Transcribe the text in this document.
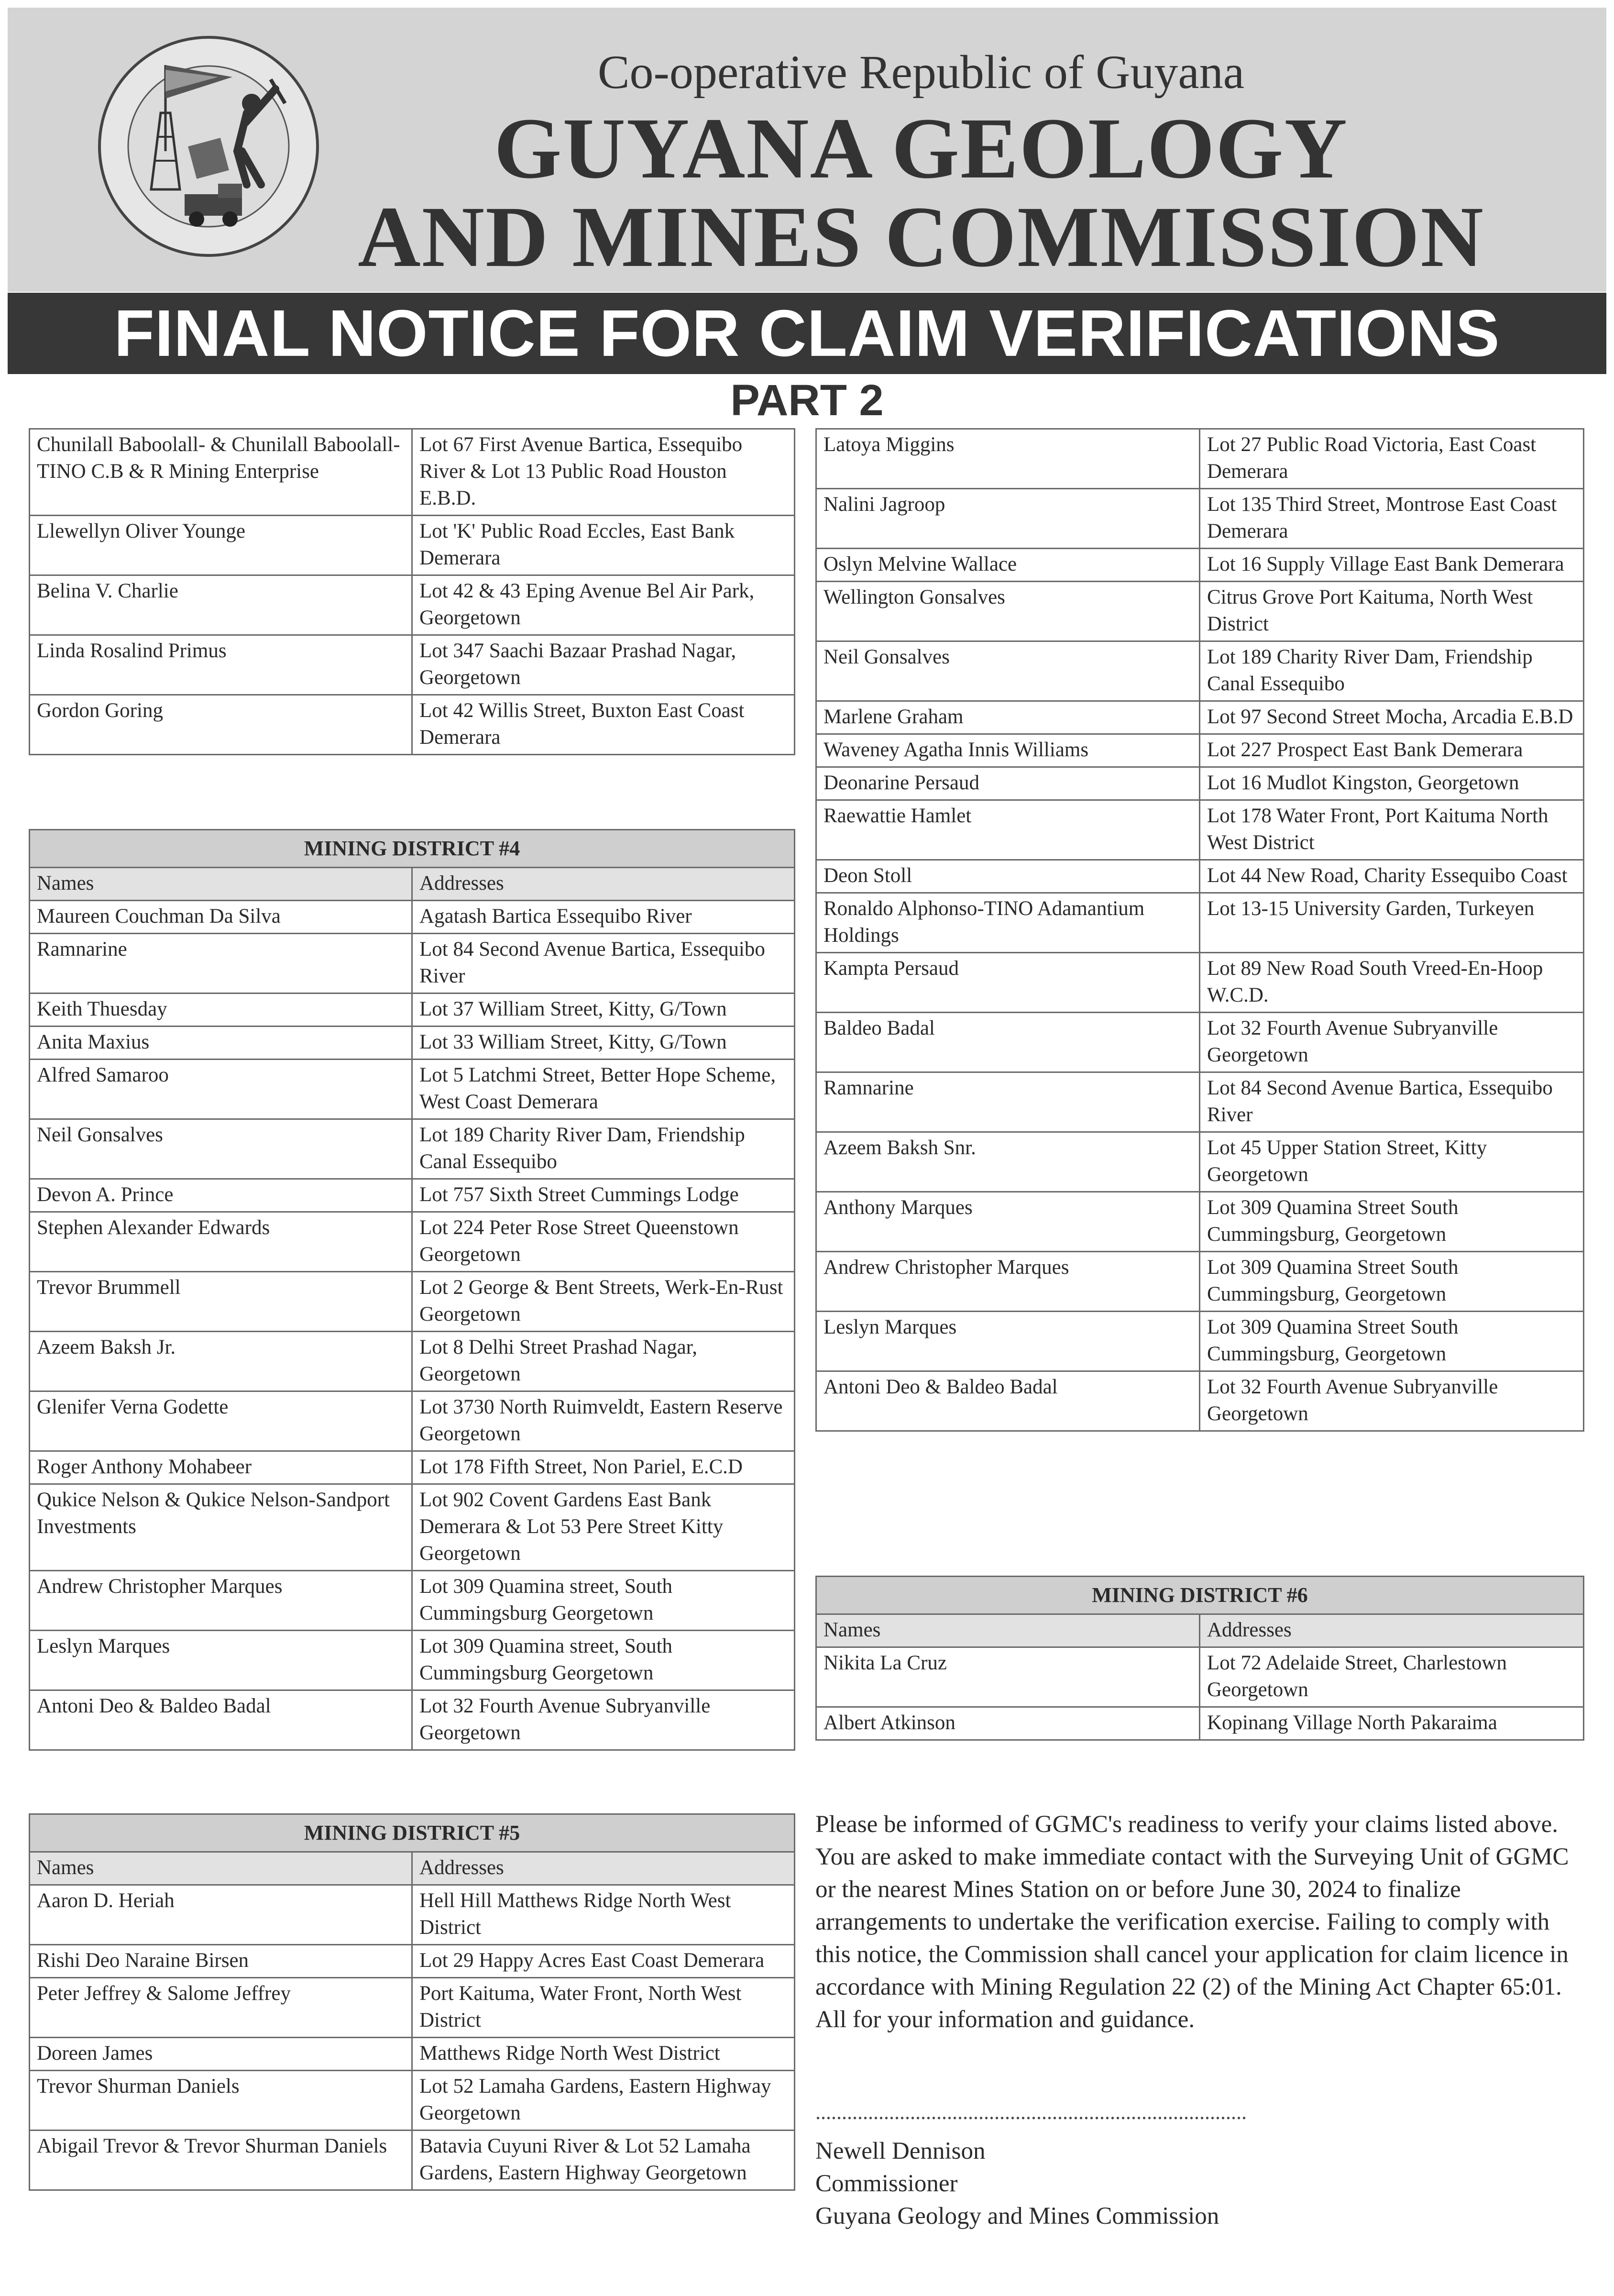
Co-operative Republic of Guyana
GUYANA GEOLOGY
AND MINES COMMISSION
FINAL NOTICE FOR CLAIM VERIFICATIONS
PART 2
Chunilall Baboolall- & Chunilall Baboolall-TINO C.B & R Mining Enterprise	Lot 67 First Avenue Bartica, Essequibo River & Lot 13 Public Road Houston E.B.D.
Llewellyn Oliver Younge	Lot 'K' Public Road Eccles, East Bank Demerara
Belina V. Charlie	Lot 42 & 43 Eping Avenue Bel Air Park, Georgetown
Linda Rosalind Primus	Lot 347 Saachi Bazaar Prashad Nagar, Georgetown
Gordon Goring	Lot 42 Willis Street, Buxton East Coast Demerara
MINING DISTRICT #4	
Names	Addresses
Maureen Couchman Da Silva	Agatash Bartica Essequibo River
Ramnarine	Lot 84 Second Avenue Bartica, Essequibo River
Keith Thuesday	Lot 37 William Street, Kitty, G/Town
Anita Maxius	Lot 33 William Street, Kitty, G/Town
Alfred Samaroo	Lot 5 Latchmi Street, Better Hope Scheme, West Coast Demerara
Neil Gonsalves	Lot 189 Charity River Dam, Friendship Canal Essequibo
Devon A. Prince	Lot 757 Sixth Street Cummings Lodge
Stephen Alexander Edwards	Lot 224 Peter Rose Street Queenstown Georgetown
Trevor Brummell	Lot 2 George & Bent Streets, Werk-En-Rust Georgetown
Azeem Baksh Jr.	Lot 8 Delhi Street Prashad Nagar, Georgetown
Glenifer Verna Godette	Lot 3730 North Ruimveldt, Eastern Reserve Georgetown
Roger Anthony Mohabeer	Lot 178 Fifth Street, Non Pariel, E.C.D
Qukice Nelson & Qukice Nelson-Sandport Investments	Lot 902 Covent Gardens East Bank Demerara & Lot 53 Pere Street Kitty Georgetown
Andrew Christopher Marques	Lot 309 Quamina street, South Cummingsburg Georgetown
Leslyn Marques	Lot 309 Quamina street, South Cummingsburg Georgetown
Antoni Deo & Baldeo Badal	Lot 32 Fourth Avenue Subryanville Georgetown
MINING DISTRICT #5	
Names	Addresses
Aaron D. Heriah	Hell Hill Matthews Ridge North West District
Rishi Deo Naraine Birsen	Lot 29 Happy Acres East Coast Demerara
Peter Jeffrey & Salome Jeffrey	Port Kaituma, Water Front, North West District
Doreen James	Matthews Ridge North West District
Trevor Shurman Daniels	Lot 52 Lamaha Gardens, Eastern Highway Georgetown
Abigail Trevor & Trevor Shurman Daniels	Batavia Cuyuni River & Lot 52 Lamaha Gardens, Eastern Highway Georgetown
Latoya Miggins	Lot 27 Public Road Victoria, East Coast Demerara
Nalini Jagroop	Lot 135 Third Street, Montrose East Coast Demerara
Oslyn Melvine Wallace	Lot 16 Supply Village East Bank Demerara
Wellington Gonsalves	Citrus Grove Port Kaituma, North West District
Neil Gonsalves	Lot 189 Charity River Dam, Friendship Canal Essequibo
Marlene Graham	Lot 97 Second Street Mocha, Arcadia E.B.D
Waveney Agatha Innis Williams	Lot 227 Prospect East Bank Demerara
Deonarine Persaud	Lot 16 Mudlot Kingston, Georgetown
Raewattie Hamlet	Lot 178 Water Front, Port Kaituma North West District
Deon Stoll	Lot 44 New Road, Charity Essequibo Coast
Ronaldo Alphonso-TINO Adamantium Holdings	Lot 13-15 University Garden, Turkeyen
Kampta Persaud	Lot 89 New Road South Vreed-En-Hoop W.C.D.
Baldeo Badal	Lot 32 Fourth Avenue Subryanville Georgetown
Ramnarine	Lot 84 Second Avenue Bartica, Essequibo River
Azeem Baksh Snr.	Lot 45 Upper Station Street, Kitty Georgetown
Anthony Marques	Lot 309 Quamina Street South Cummingsburg, Georgetown
Andrew Christopher Marques	Lot 309 Quamina Street South Cummingsburg, Georgetown
Leslyn Marques	Lot 309 Quamina Street South Cummingsburg, Georgetown
Antoni Deo & Baldeo Badal	Lot 32 Fourth Avenue Subryanville Georgetown
MINING DISTRICT #6	
Names	Addresses
Nikita La Cruz	Lot 72 Adelaide Street, Charlestown Georgetown
Albert Atkinson	Kopinang Village North Pakaraima

Please be informed of GGMC's readiness to verify your claims listed above. You are asked to make immediate contact with the Surveying Unit of GGMC or the nearest Mines Station on or before June 30, 2024 to finalize arrangements to undertake the verification exercise. Failing to comply with this notice, the Commission shall cancel your application for claim licence in accordance with Mining Regulation 22 (2) of the Mining Act Chapter 65:01.

All for your information and guidance.

..................................................................................
Newell Dennison
Commissioner
Guyana Geology and Mines Commission
